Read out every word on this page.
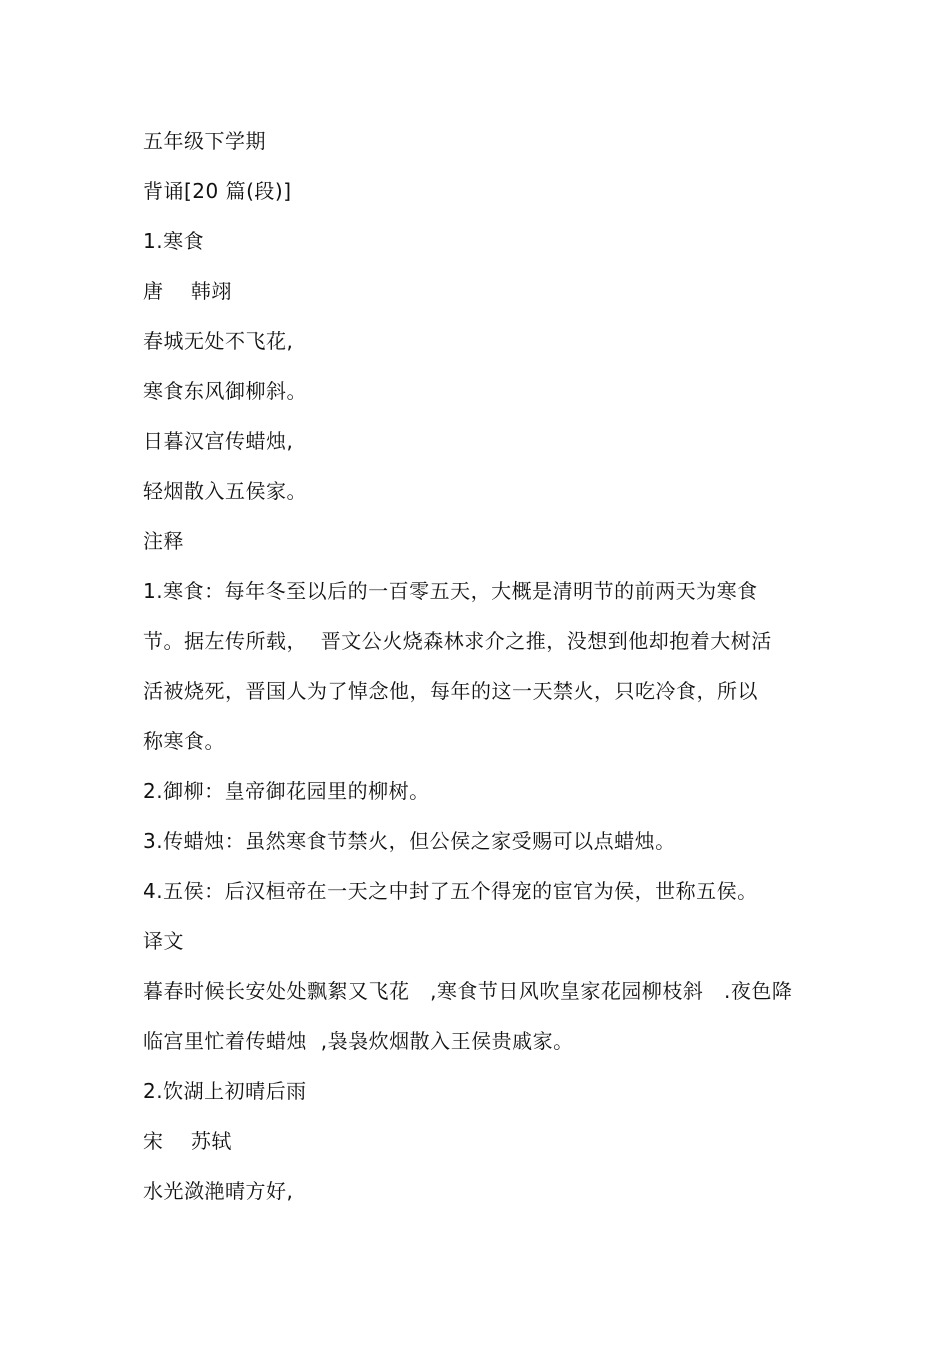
五年级下学期
背诵[20 篇(段)]
1.寒食
唐    韩翊
春城无处不飞花,
寒食东风御柳斜。
日暮汉宫传蜡烛,
轻烟散入五侯家。
注释
1.寒食：每年冬至以后的一百零五天，大概是清明节的前两天为寒食
节。据左传所载，  晋文公火烧森林求介之推，没想到他却抱着大树活
活被烧死，晋国人为了悼念他，每年的这一天禁火，只吃冷食，所以
称寒食。
2.御柳：皇帝御花园里的柳树。
3.传蜡烛：虽然寒食节禁火，但公侯之家受赐可以点蜡烛。
4.五侯：后汉桓帝在一天之中封了五个得宠的宦官为侯，世称五侯。
译文
暮春时候长安处处飘絮又飞花   ,寒食节日风吹皇家花园柳枝斜   .夜色降
临宫里忙着传蜡烛  ,袅袅炊烟散入王侯贵戚家。
2.饮湖上初晴后雨
宋    苏轼
水光潋滟晴方好,
